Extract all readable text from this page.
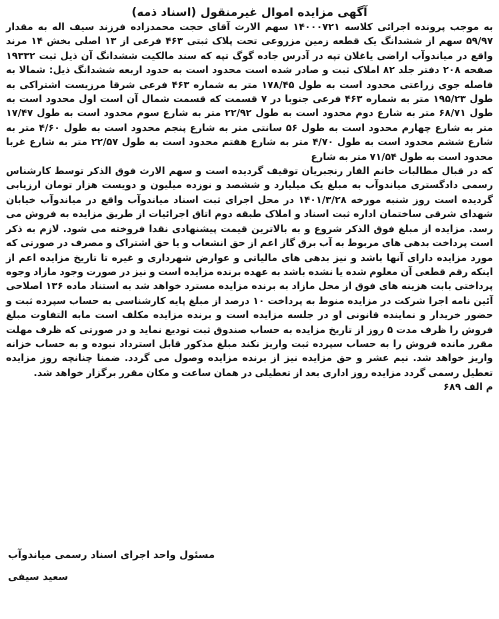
آگهی مزایده اموال غیرمنقول (اسناد ذمه)

به موجب پرونده اجرائی کلاسه ۱۴۰۰۰۷۲۱ سهم الارث آقای حجت محمدزاده فرزند سیف اله به مقدار ۵۹/۹۷ سهم از ششدانگ یک قطعه زمین مزروعی تحت پلاک ثبتی ۴۶۳ فرعی از ۱۳ اصلی بخش ۱۴ مرند واقع در میاندوآب اراضی یاغلان تپه در آدرس جاده گوگ تپه که سند مالکیت ششدانگ آن ذیل ثبت ۱۹۳۳۲ صفحه ۲۰۸ دفتر جلد ۸۲ املاک ثبت و صادر شده است محدود است به حدود اربعه ششدانگ ذیل: شمالا به فاصله جوی زراعتی محدود است به طول ۱۷۸/۴۵ متر به شماره ۴۶۳ فرعی شرقا مرزیست اشتراکی به طول ۱۹۵/۲۳ متر به شماره ۴۶۳ فرعی جنوبا در ۷ قسمت که قسمت شمال آن است اول محدود است به طول ۶۸/۷۱ متر به شارع دوم محدود است به طول ۲۲/۹۲ متر به شارع سوم محدود است به طول ۱۷/۴۷ متر به شارع چهارم محدود است به طول ۵۶ سانتی متر به شارع پنجم محدود است به طول ۴/۶۰ متر به شارع ششم محدود است به طول ۴/۷۰ متر به شارع هفتم محدود است به طول ۲۲/۵۷ متر به شارع غربا محدود است به طول ۷۱/۵۴ متر به شارع

که در قبال مطالبات خانم الفار رنجبریان توقیف گردیده است و سهم الارث فوق الذکر توسط کارشناس رسمی دادگستری میاندوآب به مبلغ یک میلیارد و ششصد و نوزده میلیون و دویست هزار تومان ارزیابی گردیده است روز شنبه مورخه ۱۴۰۱/۳/۲۸ در محل اجرای ثبت اسناد میاندوآب واقع در میاندوآب خیابان شهدای شرقی ساختمان اداره ثبت اسناد و املاک طبقه دوم اتاق اجرائیات از طریق مزایده به فروش می رسد. مزایده از مبلغ فوق الذکر شروع و به بالاترین قیمت پیشنهادی نقدا فروخته می شود. لازم به ذکر است پرداخت بدهی های مربوط به آب برق گاز اعم از حق انشعاب و یا حق اشتراک و مصرف در صورتی که مورد مزایده دارای آنها باشد و نیز بدهی های مالیاتی و عوارض شهرداری و غیره تا تاریخ مزایده اعم از اینکه رقم قطعی آن معلوم شده یا نشده باشد به عهده برنده مزایده است و نیز در صورت وجود مازاد وجوه پرداختی بابت هزینه های فوق از محل مازاد به برنده مزایده مسترد خواهد شد به استناد ماده ۱۳۶ اصلاحی آئین نامه اجرا شرکت در مزایده منوط به پرداخت ۱۰ درصد از مبلغ پایه کارشناسی به حساب سپرده ثبت و حضور خریدار و نماینده قانونی او در جلسه مزایده است و برنده مزایده مکلف است مابه التفاوت مبلغ فروش را ظرف مدت ۵ روز از تاریخ مزایده به حساب صندوق ثبت تودیع نماید و در صورتی که ظرف مهلت مقرر مانده فروش را به حساب سپرده ثبت واریز نکند مبلغ مذکور قابل استرداد نبوده و به حساب خزانه واریز خواهد شد. نیم عشر و حق مزایده نیز از برنده مزایده وصول می گردد. ضمنا چنانچه روز مزایده تعطیل رسمی گردد مزایده روز اداری بعد از تعطیلی در همان ساعت و مکان مقرر برگزار خواهد شد.

م الف ۶۸۹
مسئول واحد اجرای اسناد رسمی میاندوآب
سعید سیفی
